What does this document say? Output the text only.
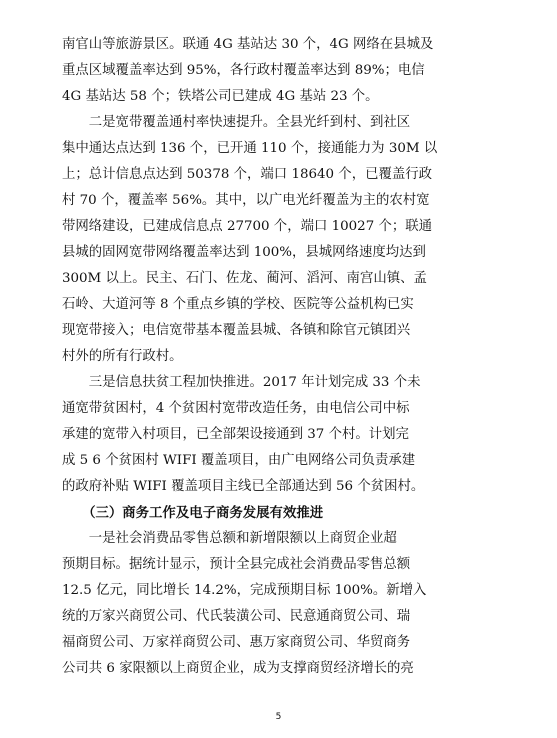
南官山等旅游景区。联通 4G 基站达 30 个，4G 网络在县城及
重点区域覆盖率达到 95%，各行政村覆盖率达到 89%；电信
4G 基站达 58 个；铁塔公司已建成 4G 基站 23 个。
　　二是宽带覆盖通村率快速提升。全县光纤到村、到社区
集中通达点达到 136 个，已开通 110 个，接通能力为 30M 以
上；总计信息点达到 50378 个，端口 18640 个，已覆盖行政
村 70 个，覆盖率 56%。其中，以广电光纤覆盖为主的农村宽
带网络建设，已建成信息点 27700 个，端口 10027 个；联通
县城的固网宽带网络覆盖率达到 100%，县城网络速度均达到
300M 以上。民主、石门、佐龙、蔺河、滔河、南宫山镇、孟
石岭、大道河等 8 个重点乡镇的学校、医院等公益机构已实
现宽带接入；电信宽带基本覆盖县城、各镇和除官元镇团兴
村外的所有行政村。
　　三是信息扶贫工程加快推进。2017 年计划完成 33 个未
通宽带贫困村，4 个贫困村宽带改造任务，由电信公司中标
承建的宽带入村项目，已全部架设接通到 37 个村。计划完
成 5 6 个贫困村 WIFI 覆盖项目，由广电网络公司负责承建
的政府补贴 WIFI 覆盖项目主线已全部通达到 56 个贫困村。
　　（三）商务工作及电子商务发展有效推进
　　一是社会消费品零售总额和新增限额以上商贸企业超
预期目标。据统计显示，预计全县完成社会消费品零售总额
12.5 亿元，同比增长 14.2%，完成预期目标 100%。新增入
统的万家兴商贸公司、代氏装潢公司、民意通商贸公司、瑞
福商贸公司、万家祥商贸公司、惠万家商贸公司、华贸商务
公司共 6 家限额以上商贸企业，成为支撑商贸经济增长的亮
5
